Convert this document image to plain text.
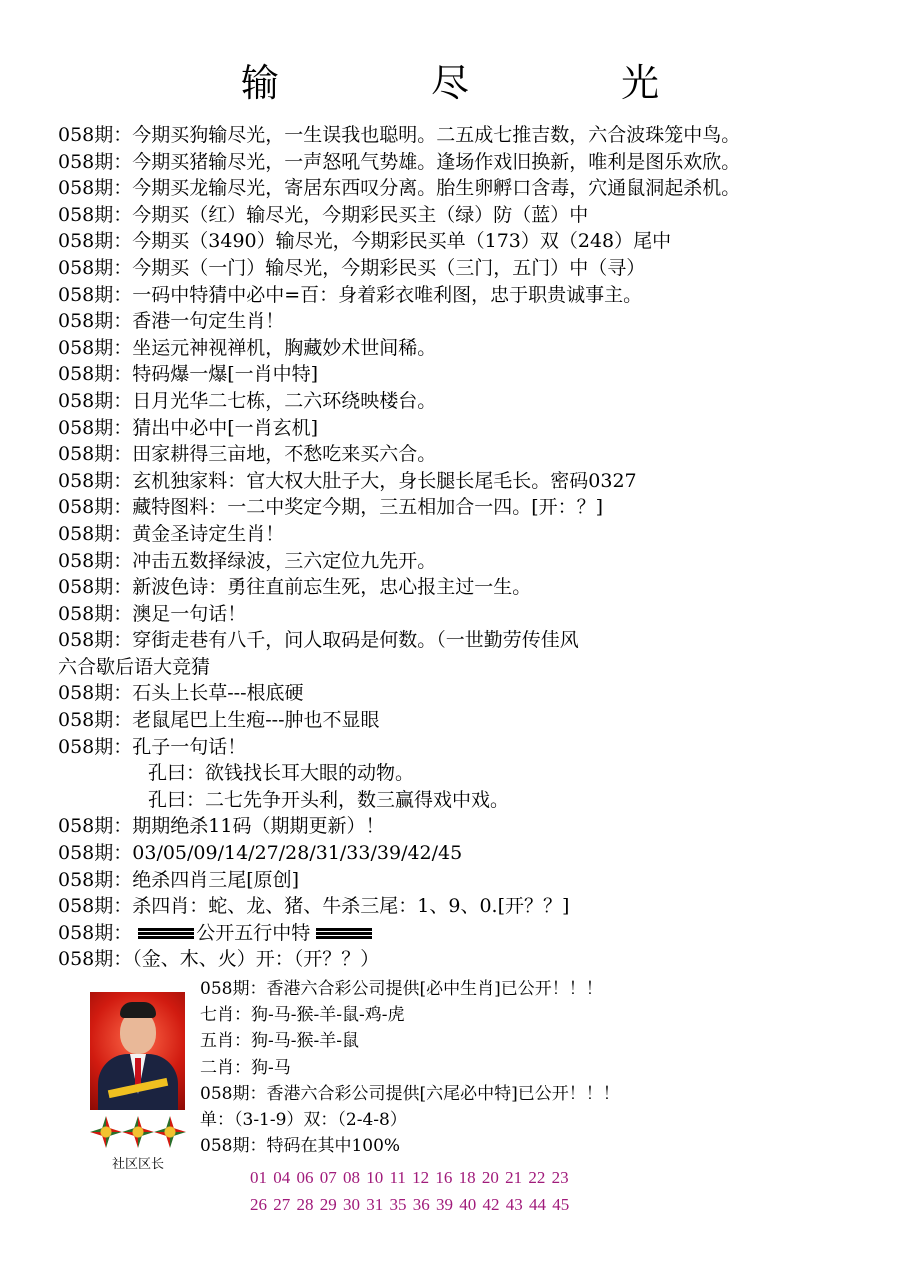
输 尽 光
058期：今期买狗输尽光，一生误我也聪明。二五成七推吉数，六合波珠笼中鸟。
058期：今期买猪输尽光，一声怒吼气势雄。逢场作戏旧换新，唯利是图乐欢欣。
058期：今期买龙输尽光，寄居东西叹分离。胎生卵孵口含毒，穴通鼠洞起杀机。
058期：今期买（红）输尽光，今期彩民买主（绿）防（蓝）中
058期：今期买（3490）输尽光，今期彩民买单（173）双（248）尾中
058期：今期买（一门）输尽光，今期彩民买（三门，五门）中（寻）
058期：一码中特猜中必中=百：身着彩衣唯利图，忠于职贵诚事主。
058期：香港一句定生肖！
058期：坐运元神视禅机，胸藏妙术世间稀。
058期：特码爆一爆[一肖中特]
058期：日月光华二七栋，二六环绕映楼台。
058期：猜出中必中[一肖玄机]
058期：田家耕得三亩地，不愁吃来买六合。
058期：玄机独家料：官大权大肚子大，身长腿长尾毛长。密码0327
058期：藏特图料：一二中奖定今期，三五相加合一四。[开：？]
058期：黄金圣诗定生肖！
058期：冲击五数择绿波，三六定位九先开。
058期：新波色诗：勇往直前忘生死，忠心报主过一生。
058期：澳足一句话！
058期：穿街走巷有八千，问人取码是何数。（一世勤劳传佳风
六合歇后语大竞猜
058期：石头上长草---根底硬
058期：老鼠尾巴上生疱---肿也不显眼
058期：孔子一句话！
孔曰：欲钱找长耳大眼的动物。
孔曰：二七先争开头利，数三赢得戏中戏。
058期：期期绝杀11码（期期更新）！
058期：03/05/09/14/27/28/31/33/39/42/45
058期：绝杀四肖三尾[原创]
058期：杀四肖：蛇、龙、猪、牛杀三尾：1、9、0.[开？？]
058期：	公开五行中特
058期：（金、木、火）开：（开？？）
社区区长
058期：香港六合彩公司提供[必中生肖]已公开！！！
七肖：狗-马-猴-羊-鼠-鸡-虎
五肖：狗-马-猴-羊-鼠
二肖：狗-马
058期：香港六合彩公司提供[六尾必中特]已公开！！！
单：（3-1-9）双：（2-4-8）
058期：特码在其中100%
01 04 06 07 08 10 11 12 16 18 20 21 22 23
26 27 28 29 30 31 35 36 39 40 42 43 44 45
